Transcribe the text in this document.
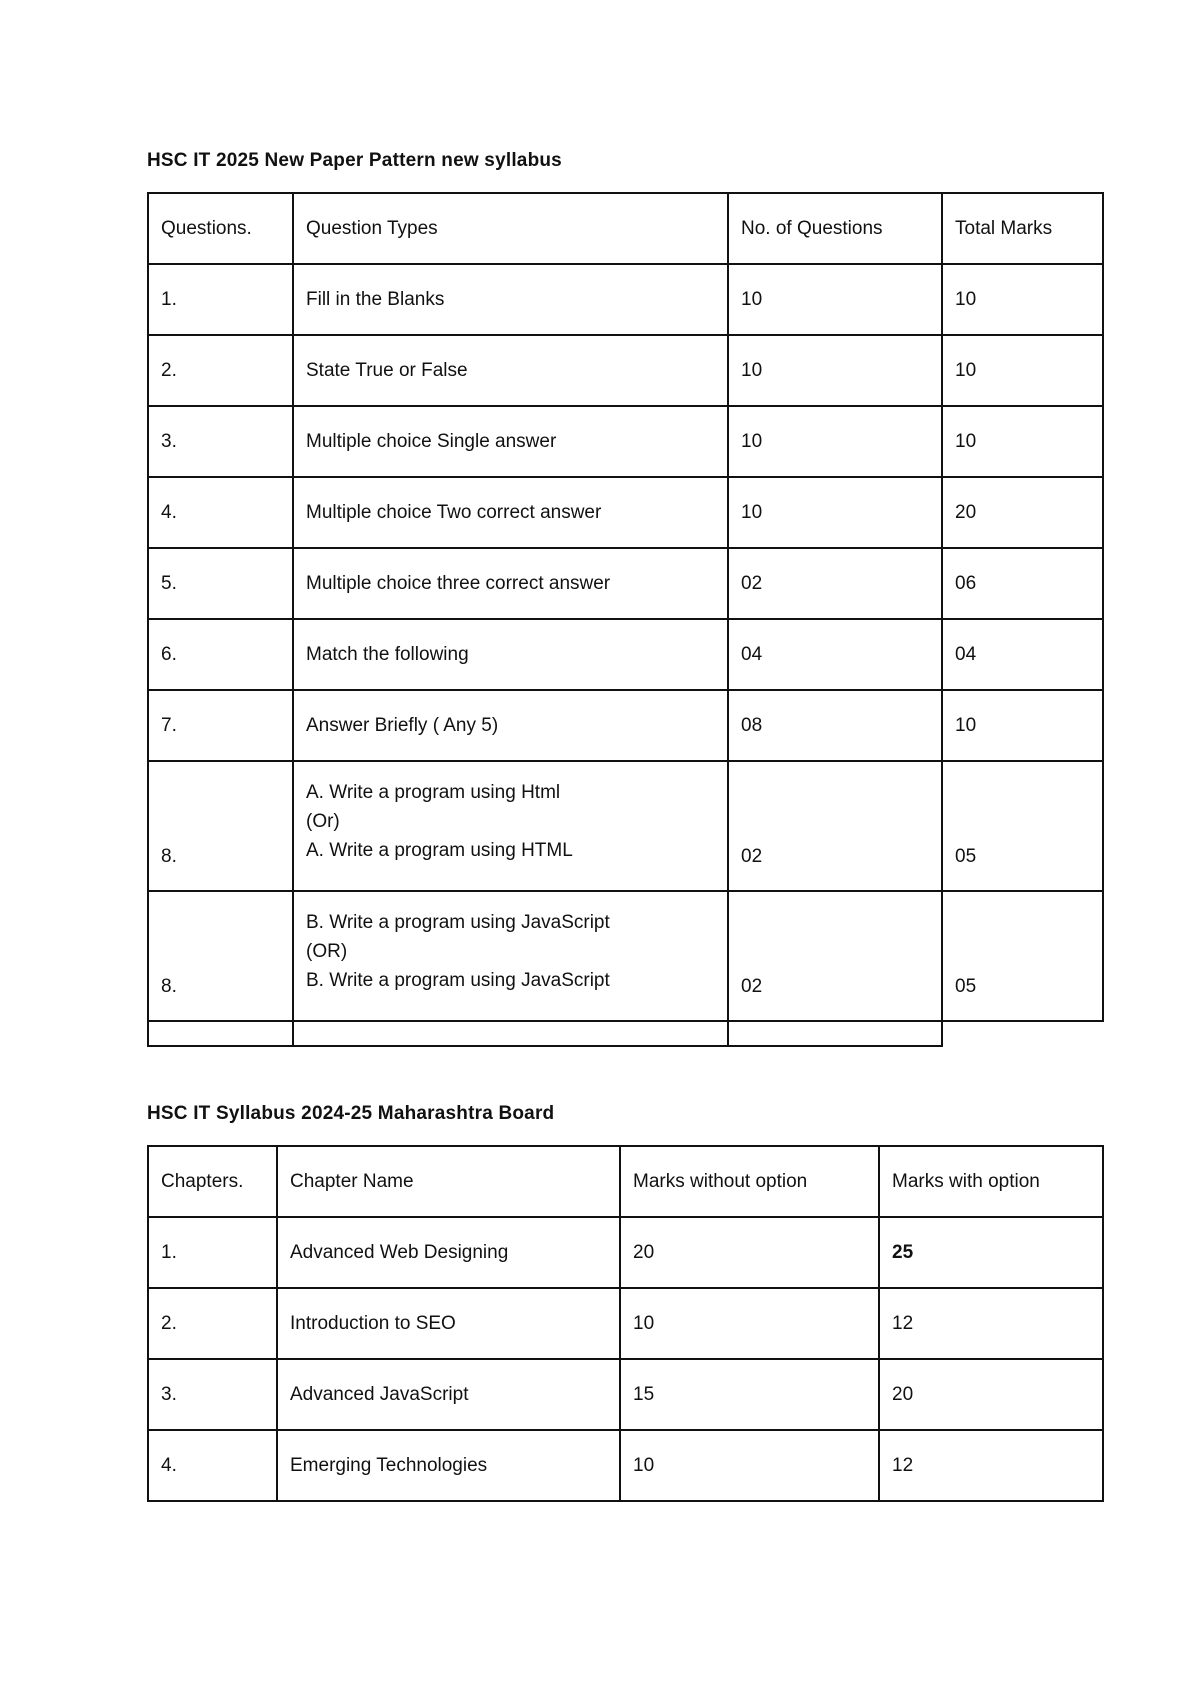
HSC IT 2025 New Paper Pattern new syllabus
Questions.	Question Types	No. of Questions	Total Marks
1.	Fill in the Blanks	10	10
2.	State True or False	10	10
3.	Multiple choice Single answer	10	10
4.	Multiple choice Two correct answer	10	20
5.	Multiple choice three correct answer	02	06
6.	Match the following	04	04
7.	Answer Briefly ( Any 5)	08	10
8.	A. Write a program using Html
(Or)
A. Write a program using HTML	02	05
8.	B. Write a program using JavaScript
(OR)
B. Write a program using JavaScript	02	05

HSC IT Syllabus 2024-25 Maharashtra Board
Chapters.	Chapter Name	Marks without option	Marks with option
1.	Advanced Web Designing	20	25
2.	Introduction to SEO	10	12
3.	Advanced JavaScript	15	20
4.	Emerging Technologies	10	12
